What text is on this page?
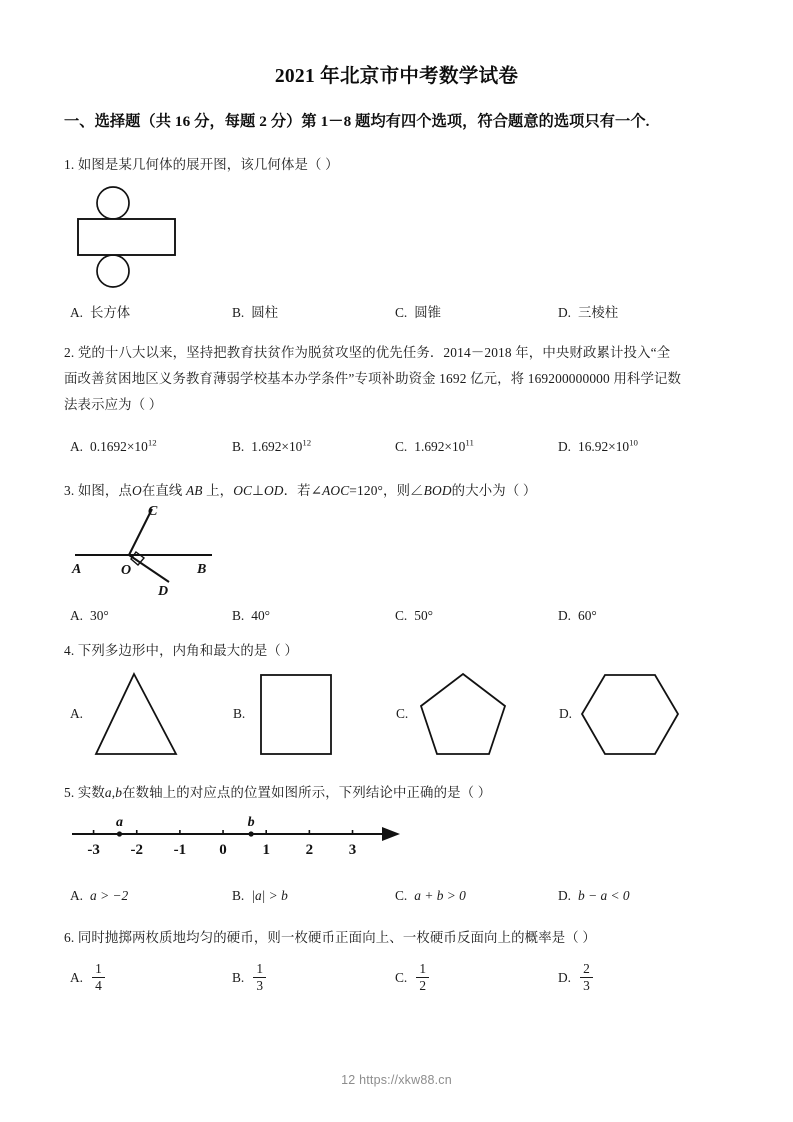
2021 年北京市中考数学试卷
一、选择题（共 16 分，每题 2 分）第 1－8 题均有四个选项，符合题意的选项只有一个.
1. 如图是某几何体的展开图，该几何体是（ ）
A. 长方体	B. 圆柱	C. 圆锥	D. 三棱柱
2. 党的十八大以来，坚持把教育扶贫作为脱贫攻坚的优先任务．2014－2018 年，中央财政累计投入“全
面改善贫困地区义务教育薄弱学校基本办学条件”专项补助资金 1692 亿元，将 169200000000 用科学记数
法表示应为（ ）
A. $0.1692\times 10^{12}$	B. $1.692\times 10^{12}$	C. $1.692\times 10^{11}$	D. $16.92\times 10^{10}$
3. 如图，点O在直线 AB 上，OC⊥OD．若∠AOC=120°，则∠BOD的大小为（ ）
A	O	B
C
D
A. 30°	B. 40°	C. 50°	D. 60°
4. 下列多边形中，内角和最大的是（ ）
A.	B.	C.	D.
5. 实数a,b在数轴上的对应点的位置如图所示，下列结论中正确的是（ ）
-3 -2 -1 0 1 2 3
a	b
A. a > −2	B. |a| > b	C. a + b > 0	D. b − a < 0
6. 同时抛掷两枚质地均匀的硬币，则一枚硬币正面向上、一枚硬币反面向上的概率是（ ）
A. $\frac{1}{4}$	B. $\frac{1}{3}$	C. $\frac{1}{2}$	D. $\frac{2}{3}$
12 https://xkw88.cn
